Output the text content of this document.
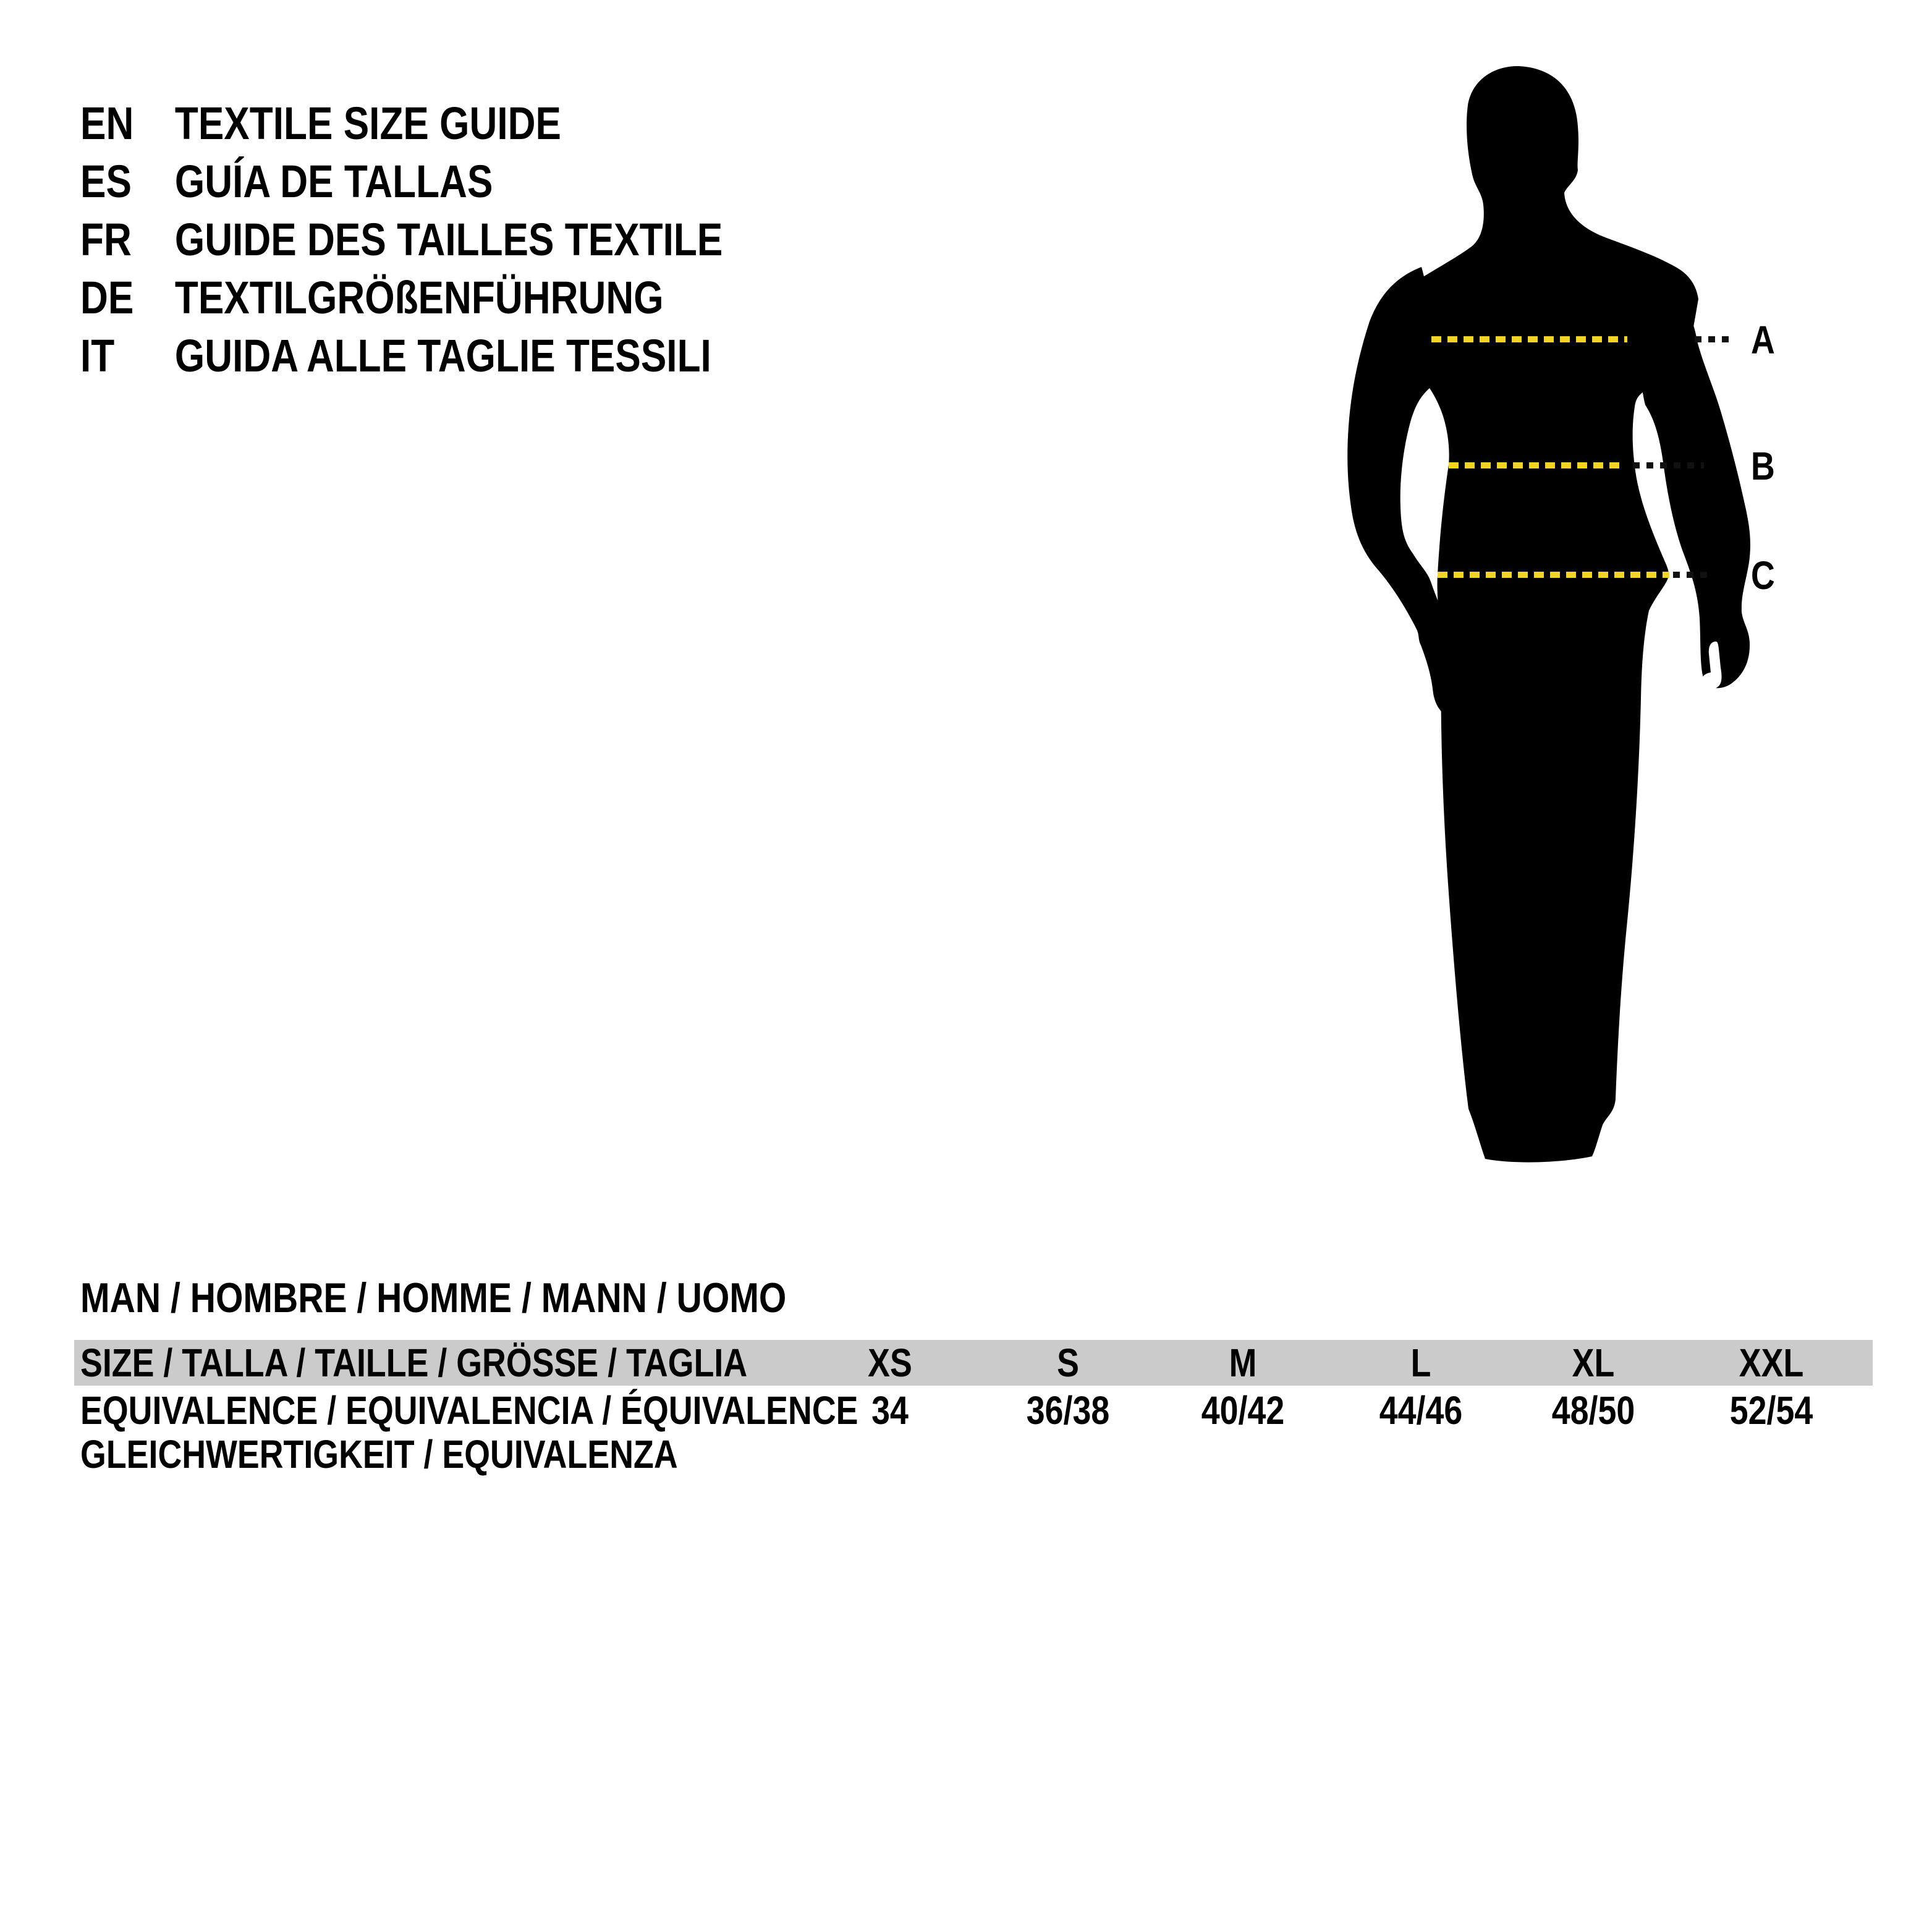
EN TEXTILE SIZE GUIDE
ES GUÍA DE TALLAS
FR GUIDE DES TAILLES TEXTILE
DE TEXTILGRÖßENFÜHRUNG
IT	GUIDA ALLE TAGLIE TESSILI	A
B
C
MAN / HOMBRE / HOMME / MANN / UOMO
SIZE / TALLA / TAILLE / GRÖSSE / TAGLIA	XS	S	M	L	XL	XXL
EQUIVALENCE / EQUIVALENCIA / ÉQUIVALENCE 34	36/38	40/42	44/46	48/50	52/54
GLEICHWERTIGKEIT / EQUIVALENZA
